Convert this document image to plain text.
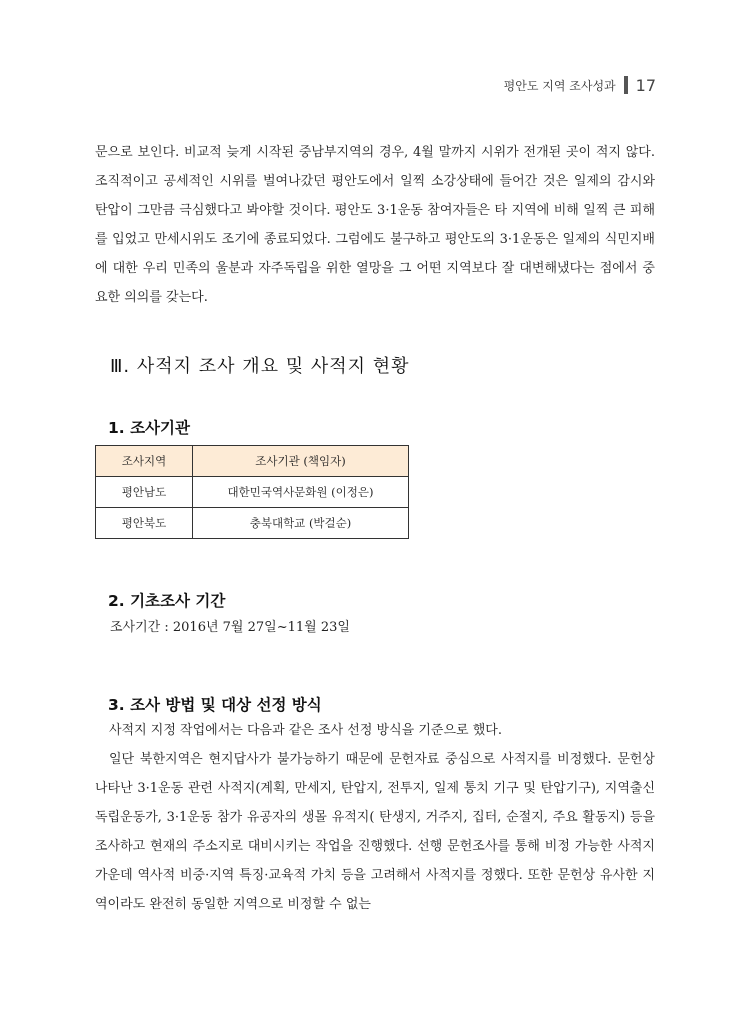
평안도 지역 조사성과 17

문으로 보인다. 비교적 늦게 시작된 중남부지역의 경우, 4월 말까지 시위가 전개된 곳이 적지 않다. 조직적이고 공세적인 시위를 벌여나갔던 평안도에서 일찍 소강상태에 들어간 것은 일제의 감시와 탄압이 그만큼 극심했다고 봐야할 것이다. 평안도 3·1운동 참여자들은 타 지역에 비해 일찍 큰 피해를 입었고 만세시위도 조기에 종료되었다. 그럼에도 불구하고 평안도의 3·1운동은 일제의 식민지배에 대한 우리 민족의 울분과 자주독립을 위한 열망을 그 어떤 지역보다 잘 대변해냈다는 점에서 중요한 의의를 갖는다.

Ⅲ. 사적지 조사 개요 및 사적지 현황
1. 조사기관
조사지역	조사기관 (책임자)
평안남도	대한민국역사문화원 (이정은)
평안북도	충북대학교 (박걸순)
2. 기초조사 기간
조사기간 : 2016년 7월 27일~11월 23일
3. 조사 방법 및 대상 선정 방식

사적지 지정 작업에서는 다음과 같은 조사 선정 방식을 기준으로 했다.

일단 북한지역은 현지답사가 불가능하기 때문에 문헌자료 중심으로 사적지를 비정했다. 문헌상 나타난 3·1운동 관련 사적지(계획, 만세지, 탄압지, 전투지, 일제 통치 기구 및 탄압기구), 지역출신 독립운동가, 3·1운동 참가 유공자의 생몰 유적지( 탄생지, 거주지, 집터, 순절지, 주요 활동지) 등을 조사하고 현재의 주소지로 대비시키는 작업을 진행했다. 선행 문헌조사를 통해 비정 가능한 사적지 가운데 역사적 비중·지역 특징·교육적 가치 등을 고려해서 사적지를 정했다. 또한 문헌상 유사한 지역이라도 완전히 동일한 지역으로 비정할 수 없는
